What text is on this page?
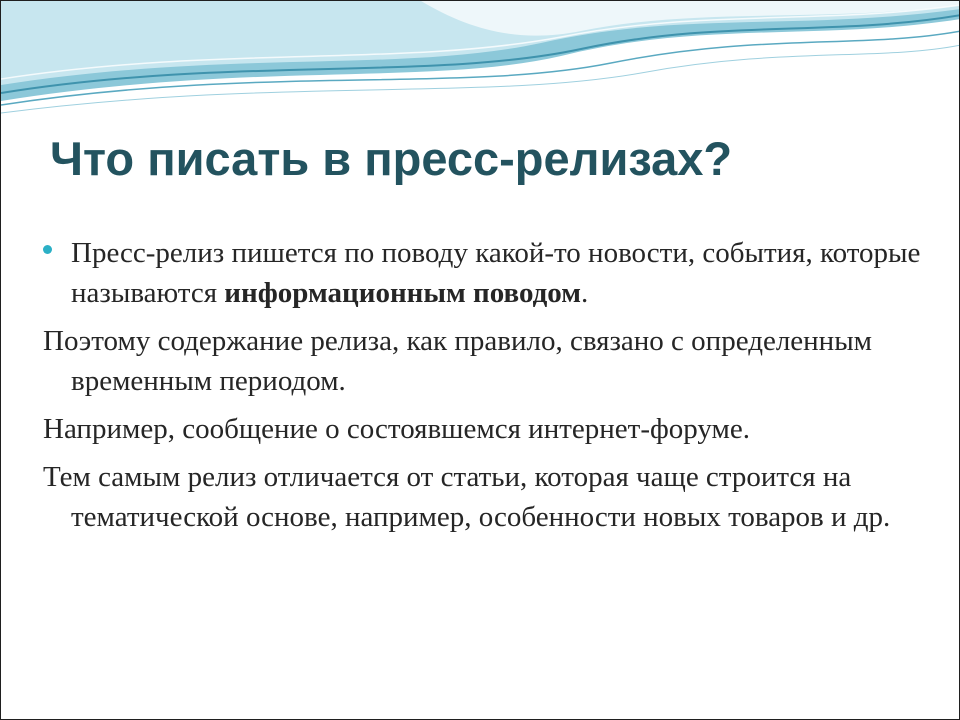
Что писать в пресс-релизах?

Пресс-релиз пишется по поводу какой-то новости, события, которые называются информационным поводом.

Поэтому содержание релиза, как правило, связано с определенным временным периодом.

Например, сообщение о состоявшемся интернет-форуме.

Тем самым релиз отличается от статьи, которая чаще строится на тематической основе, например, особенности новых товаров и др.
